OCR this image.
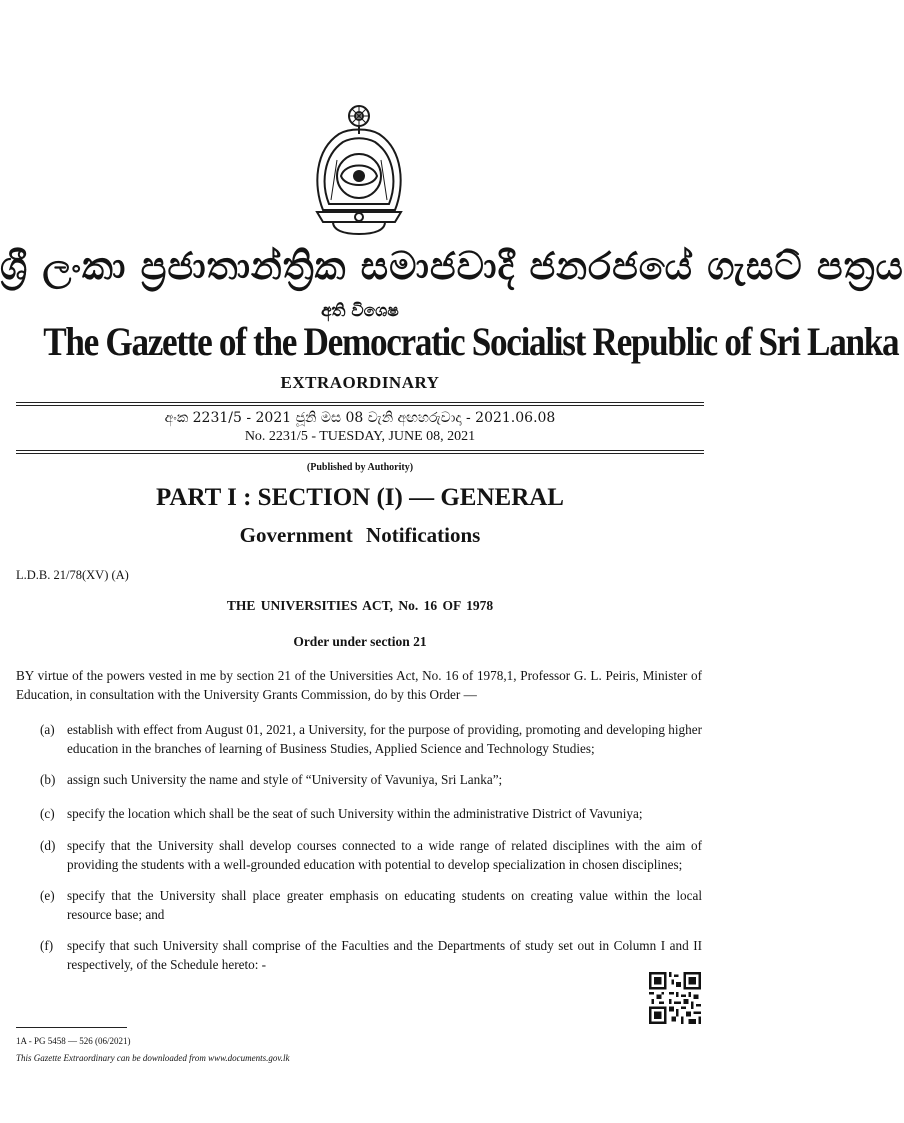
ශ්‍රී ලංකා ප්‍රජාතාන්ත්‍රික සමාජවාදී ජනරජයේ ගැසට් පත්‍රය
අති විශෙෂ
The Gazette of the Democratic Socialist Republic of Sri Lanka
EXTRAORDINARY
අංක 2231/5 - 2021 ජූනි මස 08 වැනි අඟහරුවාදා - 2021.06.08
No. 2231/5 - TUESDAY, JUNE 08, 2021
(Published by Authority)
PART I : SECTION (I) — GENERAL
Government Notifications
L.D.B. 21/78(XV) (A)
THE UNIVERSITIES ACT, No. 16 OF 1978
Order under section 21
BY virtue of the powers vested in me by section 21 of the Universities Act, No. 16 of 1978,1, Professor G. L. Peiris, Minister of Education, in consultation with the University Grants Commission, do by this Order —
(a) establish with effect from August 01, 2021, a University, for the purpose of providing, promoting and developing higher education in the branches of learning of Business Studies, Applied Science and Technology Studies;
(b) assign such University the name and style of “University of Vavuniya, Sri Lanka”;
(c) specify the location which shall be the seat of such University within the administrative District of Vavuniya;
(d) specify that the University shall develop courses connected to a wide range of related disciplines with the aim of providing the students with a well-grounded education with potential to develop specialization in chosen disciplines;
(e) specify that the University shall place greater emphasis on educating students on creating value within the local resource base; and
(f)	specify that such University shall comprise of the Faculties and the Departments of study set out in Column I and II respectively, of the Schedule hereto: -
1A - PG 5458 — 526 (06/2021)
This Gazette Extraordinary can be downloaded from www.documents.gov.lk
